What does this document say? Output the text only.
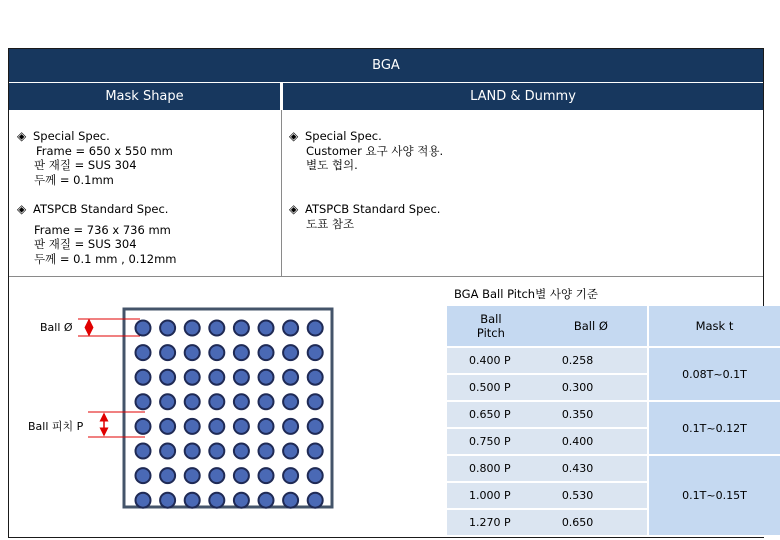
BGA
Mask Shape	LAND & Dummy
◈ Special Spec.
Frame = 650 x 550 mm
판 재질 = SUS 304
두께 = 0.1mm
◈ ATSPCB Standard Spec.
Frame = 736 x 736 mm
판 재질 = SUS 304
두께 = 0.1 mm , 0.12mm
◈ Special Spec.
Customer 요구 사양 적용.
별도 협의.
◈ ATSPCB Standard Spec.
도표 참조
Ball Ø
Ball 피치 P
BGA Ball Pitch별 사양 기준
Ball
Pitch	Ball Ø	Mask t
0.400 P	0.258	0.08T~0.1T
0.500 P	0.300	
0.650 P	0.350	0.1T~0.12T
0.750 P	0.400	
0.800 P	0.430	0.1T~0.15T
1.000 P	0.530	
1.270 P	0.650	
